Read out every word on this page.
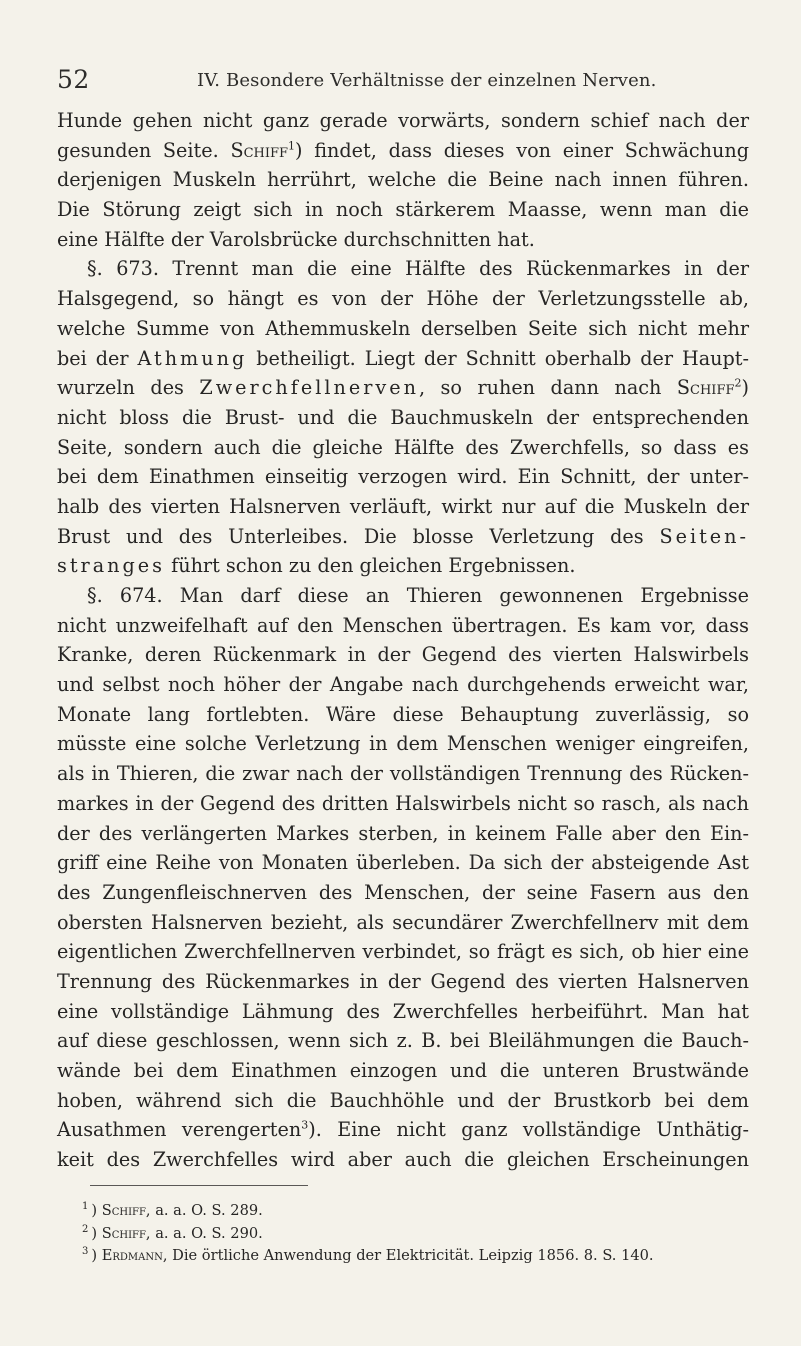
52	IV. Besondere Verhältnisse der einzelnen Nerven.
Hunde gehen nicht ganz gerade vorwärts, sondern schief nach der
gesunden Seite. Schiff$^1$) findet, dass dieses von einer Schwächung
derjenigen Muskeln herrührt, welche die Beine nach innen führen.
Die Störung zeigt sich in noch stärkerem Maasse, wenn man die
eine Hälfte der Varolsbrücke durchschnitten hat.
§. 673. Trennt man die eine Hälfte des Rückenmarkes in der
Halsgegend, so hängt es von der Höhe der Verletzungsstelle ab,
welche Summe von Athemmuskeln derselben Seite sich nicht mehr
bei der Athmung betheiligt. Liegt der Schnitt oberhalb der Haupt-
wurzeln des Zwerchfellnerven, so ruhen dann nach Schiff$^2$)
nicht bloss die Brust- und die Bauchmuskeln der entsprechenden
Seite, sondern auch die gleiche Hälfte des Zwerchfells, so dass es
bei dem Einathmen einseitig verzogen wird. Ein Schnitt, der unter-
halb des vierten Halsnerven verläuft, wirkt nur auf die Muskeln der
Brust und des Unterleibes. Die blosse Verletzung des Seiten-
stranges führt schon zu den gleichen Ergebnissen.
§. 674. Man darf diese an Thieren gewonnenen Ergebnisse
nicht unzweifelhaft auf den Menschen übertragen. Es kam vor, dass
Kranke, deren Rückenmark in der Gegend des vierten Halswirbels
und selbst noch höher der Angabe nach durchgehends erweicht war,
Monate lang fortlebten. Wäre diese Behauptung zuverlässig, so
müsste eine solche Verletzung in dem Menschen weniger eingreifen,
als in Thieren, die zwar nach der vollständigen Trennung des Rücken-
markes in der Gegend des dritten Halswirbels nicht so rasch, als nach
der des verlängerten Markes sterben, in keinem Falle aber den Ein-
griff eine Reihe von Monaten überleben. Da sich der absteigende Ast
des Zungenfleischnerven des Menschen, der seine Fasern aus den
obersten Halsnerven bezieht, als secundärer Zwerchfellnerv mit dem
eigentlichen Zwerchfellnerven verbindet, so frägt es sich, ob hier eine
Trennung des Rückenmarkes in der Gegend des vierten Halsnerven
eine vollständige Lähmung des Zwerchfelles herbeiführt. Man hat
auf diese geschlossen, wenn sich z. B. bei Bleilähmungen die Bauch-
wände bei dem Einathmen einzogen und die unteren Brustwände
hoben, während sich die Bauchhöhle und der Brustkorb bei dem
Ausathmen verengerten$^3$). Eine nicht ganz vollständige Unthätig-
keit des Zwerchfelles wird aber auch die gleichen Erscheinungen
$^1$ ) Schiff, a. a. O. S. 289.
$^2$ ) Schiff, a. a. O. S. 290.
$^3$ ) Erdmann, Die örtliche Anwendung der Elektricität. Leipzig 1856. 8. S. 140.
